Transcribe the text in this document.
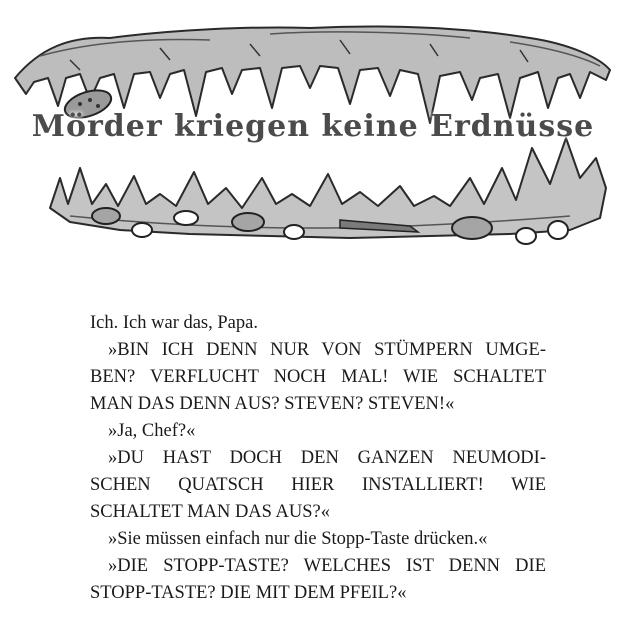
Mörder kriegen keine Erdnüsse

Ich. Ich war das, Papa.

»BIN ICH DENN NUR VON STÜMPERN UMGE-
BEN? VERFLUCHT NOCH MAL! WIE SCHALTET
MAN DAS DENN AUS? STEVEN? STEVEN!«

»Ja, Chef?«

»DU HAST DOCH DEN GANZEN NEUMODI-
SCHEN QUATSCH HIER INSTALLIERT! WIE
SCHALTET MAN DAS AUS?«

»Sie müssen einfach nur die Stopp-Taste drücken.«

»DIE STOPP-TASTE? WELCHES IST DENN DIE
STOPP-TASTE? DIE MIT DEM PFEIL?«
